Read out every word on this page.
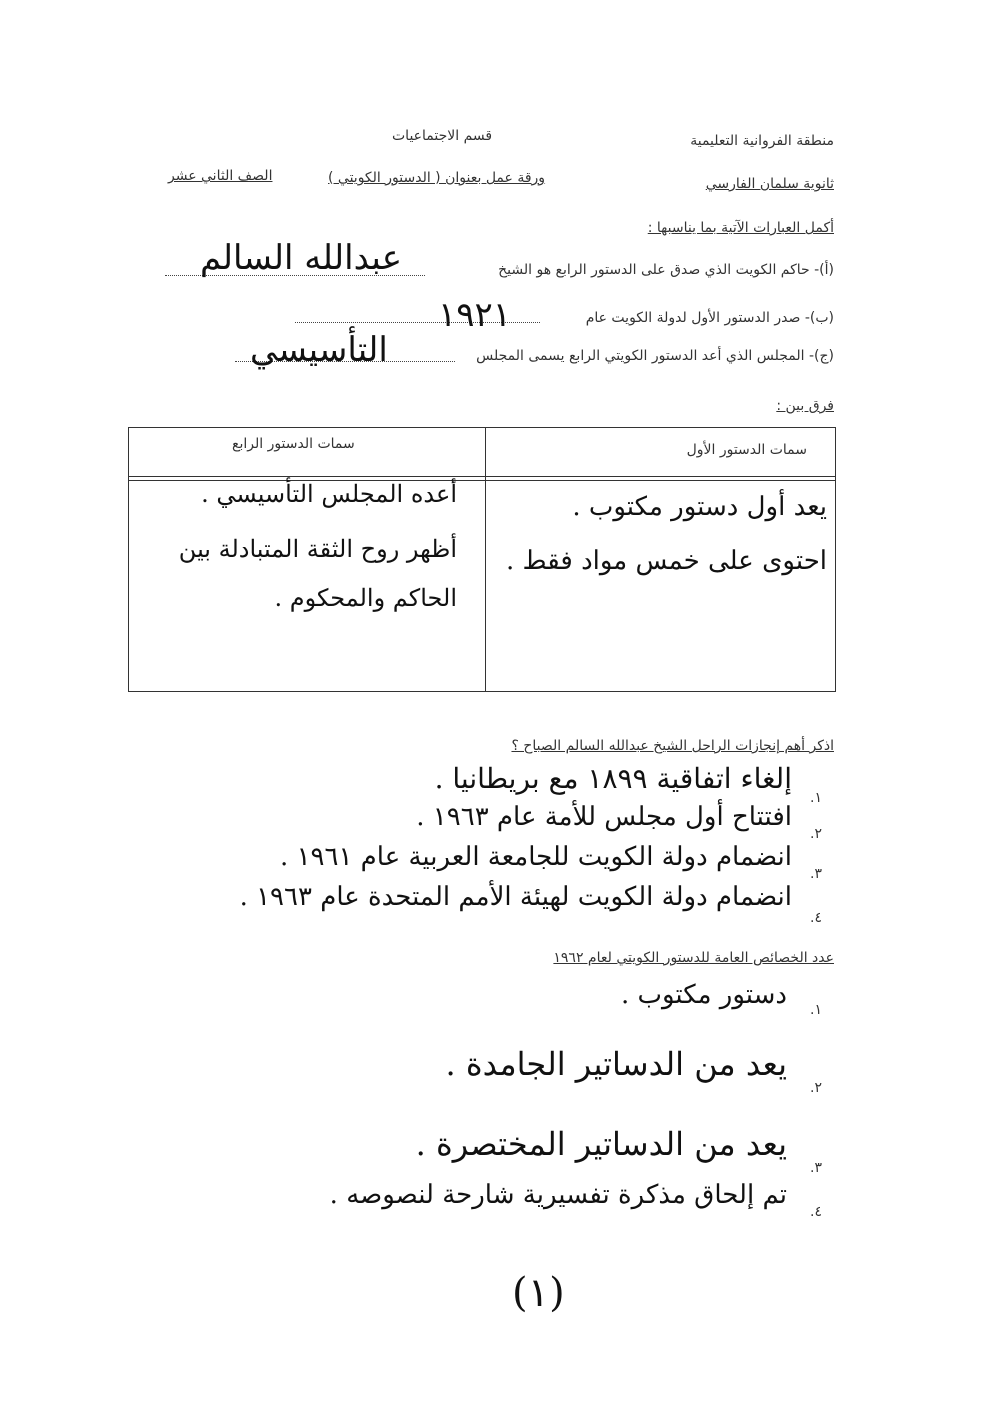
منطقة الفروانية التعليمية
قسم الاجتماعيات
ثانوية سلمان الفارسي
ورقة عمل بعنوان ( الدستور الكويتي )
الصف الثاني عشر
أكمل العبارات الآتية بما يناسبها :
(أ)- حاكم الكويت الذي صدق على الدستور الرابع هو الشيخ
عبدالله السالم
(ب)- صدر الدستور الأول لدولة الكويت عام
١٩٢١
(ج)- المجلس الذي أعد الدستور الكويتي الرابع يسمى المجلس
التأسيسي
فرق بين :
سمات الدستور الأول
سمات الدستور الرابع
يعد أول دستور مكتوب .
احتوى على خمس مواد فقط .
أعده المجلس التأسيسي .
أظهر روح الثقة المتبادلة بين
الحاكم والمحكوم .
اذكر أهم إنجازات الراحل الشيخ عبدالله السالم الصباح ؟
١.
إلغاء اتفاقية ١٨٩٩ مع بريطانيا .
٢.
افتتاح أول مجلس للأمة عام ١٩٦٣ .
٣.
انضمام دولة الكويت للجامعة العربية عام ١٩٦١ .
٤.
انضمام دولة الكويت لهيئة الأمم المتحدة عام ١٩٦٣ .
عدد الخصائص العامة للدستور الكويتي لعام ١٩٦٢
١.
دستور مكتوب .
٢.
يعد من الدساتير الجامدة .
٣.
يعد من الدساتير المختصرة .
٤.
تم إلحاق مذكرة تفسيرية شارحة لنصوصه .
(١)
